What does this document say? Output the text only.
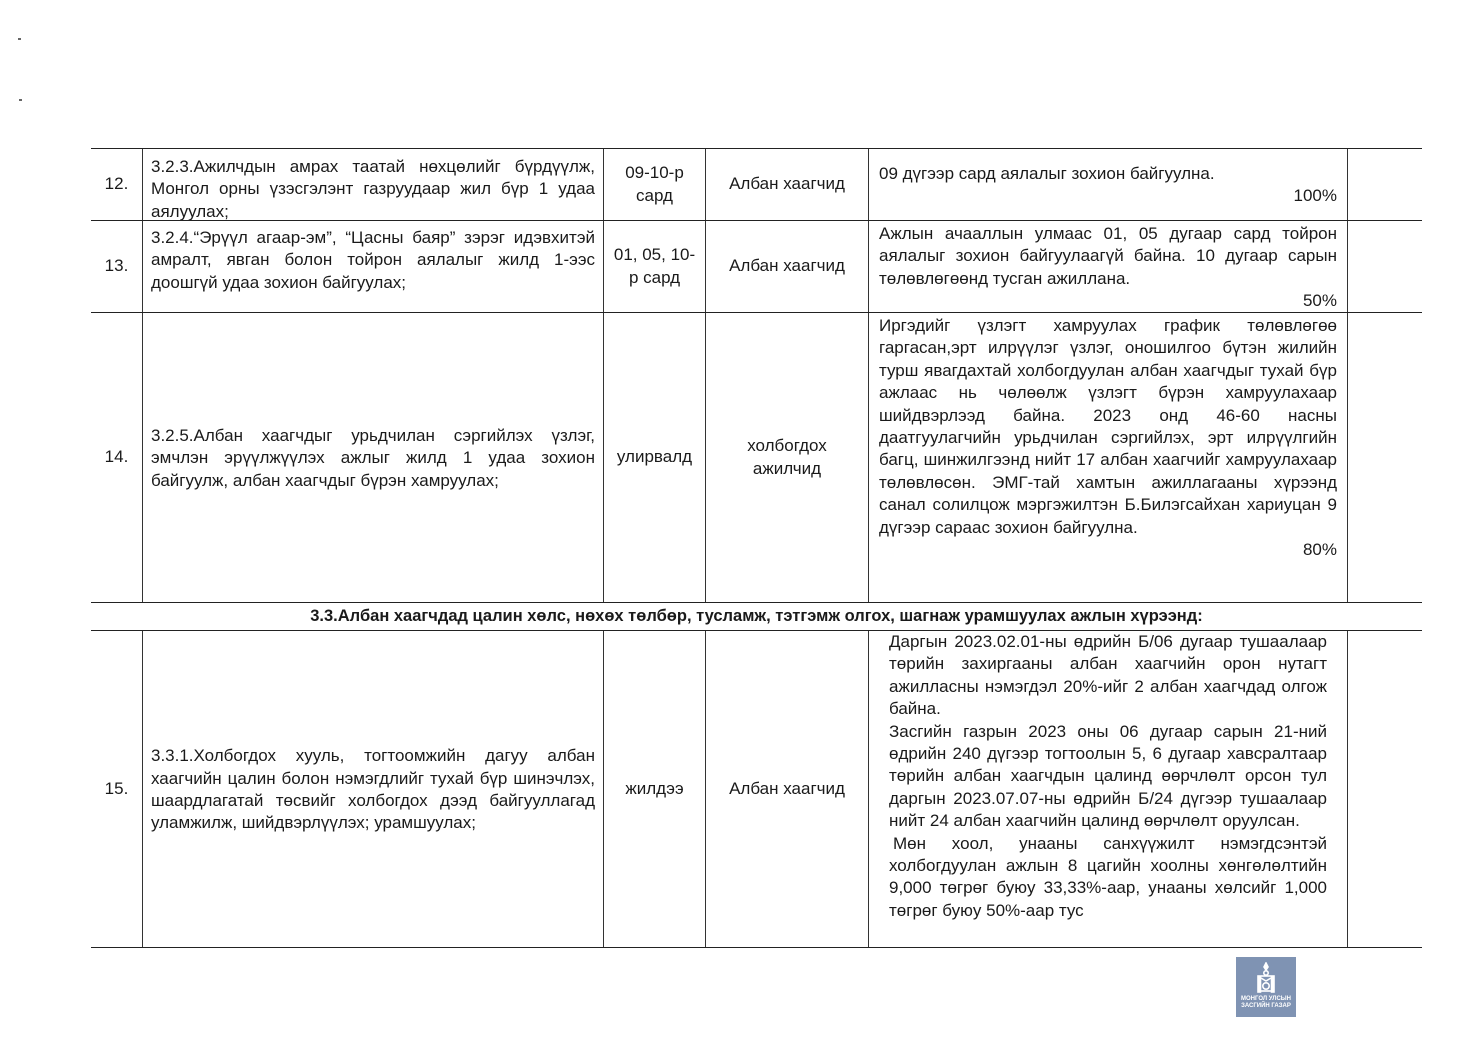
12.
3.2.3.Ажилчдын амрах таатай нөхцөлийг бүрдүүлж, Монгол орны үзэсгэлэнт газруудаар жил бүр 1 удаа аялуулах;
09-10-р сард
Албан хаагчид
09 дүгээр сард аялалыг зохион байгуулна.
100%
13.
3.2.4.“Эрүүл агаар-эм”, “Цасны баяр” зэрэг идэвхитэй амралт, явган болон тойрон аялалыг жилд 1-ээс доошгүй удаа зохион байгуулах;
01, 05, 10-р сард
Албан хаагчид
Ажлын ачааллын улмаас 01, 05 дугаар сард тойрон аялалыг зохион байгуулаагүй байна. 10 дугаар сарын төлөвлөгөөнд тусган ажиллана.
50%
14.
3.2.5.Албан хаагчдыг урьдчилан сэргийлэх үзлэг, эмчлэн эрүүлжүүлэх ажлыг жилд 1 удаа зохион байгуулж, албан хаагчдыг бүрэн хамруулах;
улирвалд
холбогдох ажилчид
Иргэдийг үзлэгт хамруулах график төлөвлөгөө гаргасан,эрт илрүүлэг үзлэг, оношилгоо бүтэн жилийн турш явагдахтай холбогдуулан албан хаагчдыг тухай бүр ажлаас нь чөлөөлж үзлэгт бүрэн хамруулахаар шийдвэрлээд байна. 2023 онд 46-60 насны даатгуулагчийн урьдчилан сэргийлэх, эрт илрүүлгийн багц, шинжилгээнд нийт 17 албан хаагчийг хамруулахаар төлөвлөсөн. ЭМГ-тай хамтын ажиллагааны хүрээнд санал солилцож мэргэжилтэн Б.Билэгсайхан хариуцан 9 дүгээр сараас зохион байгуулна.
80%
3.3.Албан хаагчдад цалин хөлс, нөхөх төлбөр, тусламж, тэтгэмж олгох, шагнаж урамшуулах ажлын хүрээнд:
15.
3.3.1.Холбогдох хууль, тогтоомжийн дагуу албан хаагчийн цалин болон нэмэгдлийг тухай бүр шинэчлэх, шаардлагатай төсвийг холбогдох дээд байгууллагад уламжилж, шийдвэрлүүлэх; урамшуулах;
жилдээ	Албан хаагчид
Даргын 2023.02.01-ны өдрийн Б/06 дугаар тушаалаар төрийн захиргааны албан хаагчийн орон нутагт ажилласны нэмэгдэл 20%-ийг 2 албан хаагчдад олгож байна.
Засгийн газрын 2023 оны 06 дугаар сарын 21-ний өдрийн 240 дүгээр тогтоолын 5, 6 дугаар хавсралтаар төрийн албан хаагчдын цалинд өөрчлөлт орсон тул даргын 2023.07.07-ны өдрийн Б/24 дүгээр тушаалаар нийт 24 албан хаагчийн цалинд өөрчлөлт оруулсан.
Мөн хоол, унааны санхүүжилт нэмэгдсэнтэй холбогдуулан ажлын 8 цагийн хоолны хөнгөлөлтийн 9,000 төгрөг буюу 33,33%-аар, унааны хөлсийг 1,000 төгрөг буюу 50%-аар тус
МОНГОЛ УЛСЫН
ЗАСГИЙН ГАЗАР
